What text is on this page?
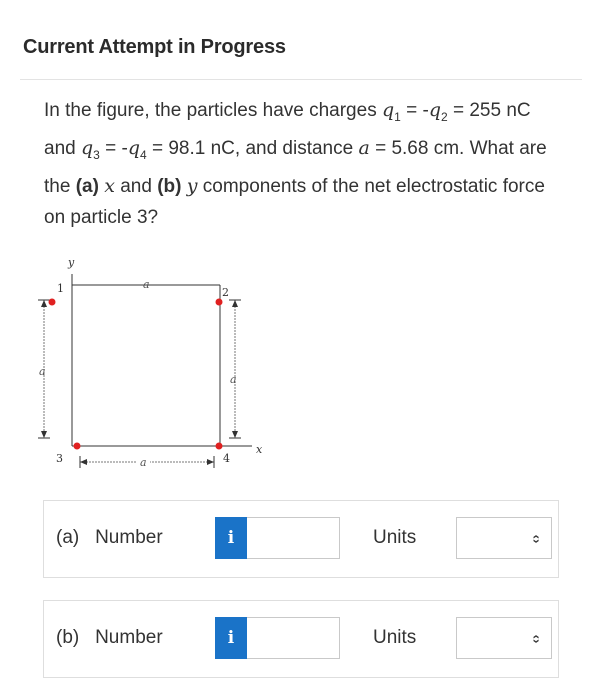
Current Attempt in Progress
In the figure, the particles have charges $q_1 = -q_2 = 255$ nC and $q_3 = -q_4 = 98.1$ nC, and distance a = 5.68 cm. What are the (a) x and (b) y components of the net electrostatic force on particle 3?
y
x
a
a
a
a
1	2
3	4
(a) Number	i	Units	‹›
(b) Number	i	Units	‹›
